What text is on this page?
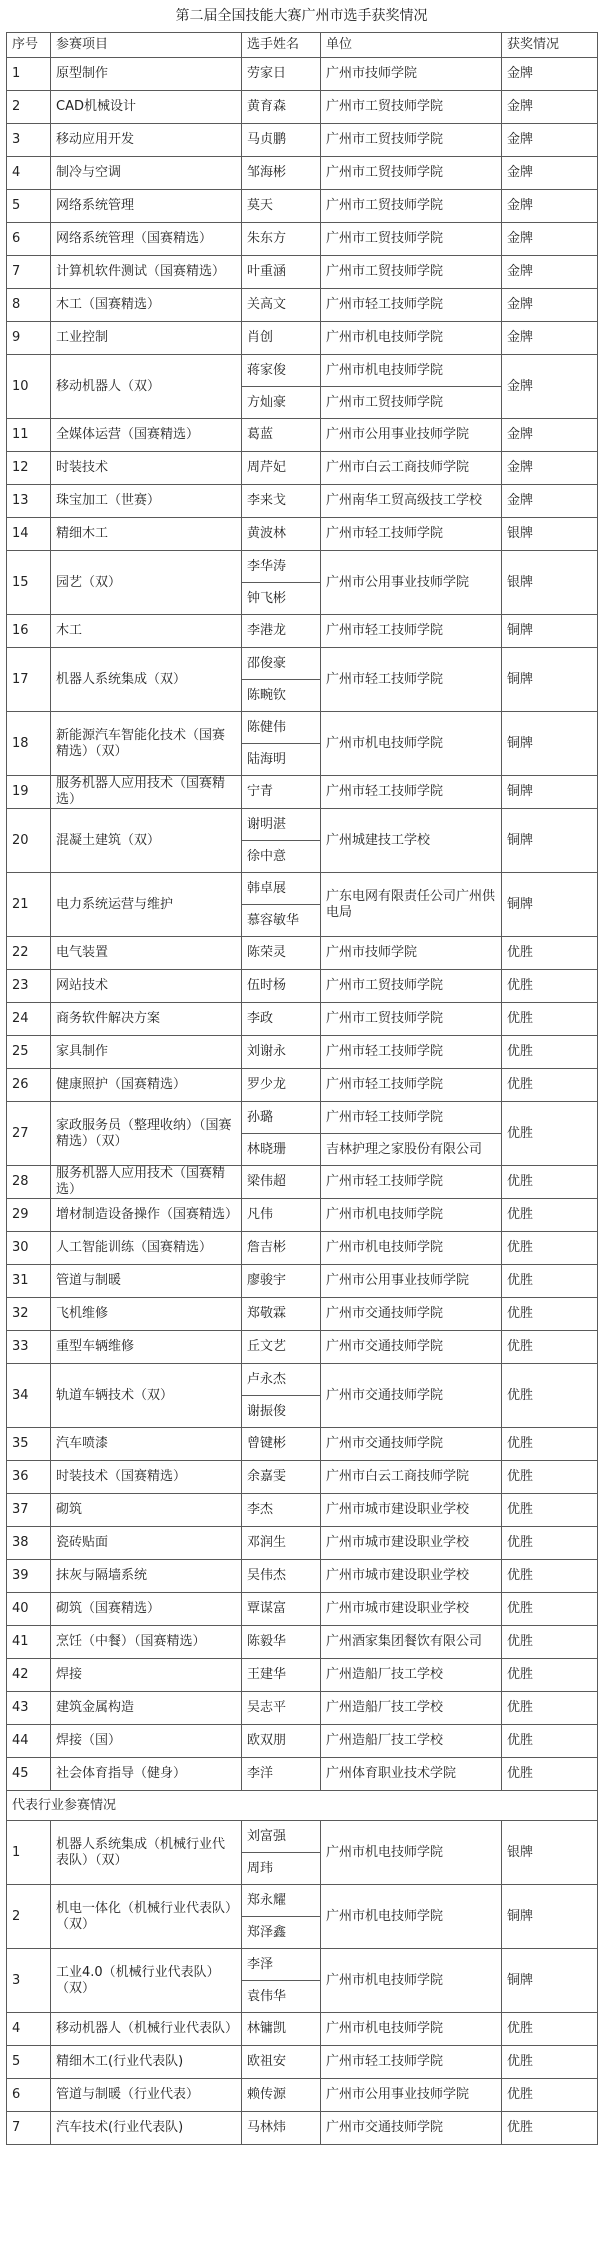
第二届全国技能大赛广州市选手获奖情况
序号	参赛项目	选手姓名	单位	获奖情况
1	原型制作	劳家日	广州市技师学院	金牌
2	CAD机械设计	黄育森	广州市工贸技师学院	金牌
3	移动应用开发	马贞鹏	广州市工贸技师学院	金牌
4	制冷与空调	邹海彬	广州市工贸技师学院	金牌
5	网络系统管理	莫天	广州市工贸技师学院	金牌
6	网络系统管理（国赛精选）	朱东方	广州市工贸技师学院	金牌
7	计算机软件测试（国赛精选）	叶重涵	广州市工贸技师学院	金牌
8	木工（国赛精选）	关高文	广州市轻工技师学院	金牌
9	工业控制	肖创	广州市机电技师学院	金牌
10	移动机器人（双）	蒋家俊	广州市机电技师学院	金牌
		方灿豪	广州市工贸技师学院	
11	全媒体运营（国赛精选）	葛蓝	广州市公用事业技师学院	金牌
12	时装技术	周芹妃	广州市白云工商技师学院	金牌
13	珠宝加工（世赛）	李来戈	广州南华工贸高级技工学校	金牌
14	精细木工	黄波林	广州市轻工技师学院	银牌
15	园艺（双）	李华涛	广州市公用事业技师学院	银牌
		钟飞彬		
16	木工	李港龙	广州市轻工技师学院	铜牌
17	机器人系统集成（双）	邵俊豪	广州市轻工技师学院	铜牌
		陈畹钦		
18	新能源汽车智能化技术（国赛精选）（双）	陈健伟	广州市机电技师学院	铜牌
		陆海明		
19	服务机器人应用技术（国赛精选）	宁青	广州市轻工技师学院	铜牌
20	混凝土建筑（双）	谢明湛	广州城建技工学校	铜牌
		徐中意		
21	电力系统运营与维护	韩卓展	广东电网有限责任公司广州供电局	铜牌
		慕容敏华		
22	电气装置	陈荣灵	广州市技师学院	优胜
23	网站技术	伍时杨	广州市工贸技师学院	优胜
24	商务软件解决方案	李政	广州市工贸技师学院	优胜
25	家具制作	刘谢永	广州市轻工技师学院	优胜
26	健康照护（国赛精选）	罗少龙	广州市轻工技师学院	优胜
27	家政服务员（整理收纳）（国赛精选）（双）	孙璐	广州市轻工技师学院	优胜
		林晓珊	吉林护理之家股份有限公司	
28	服务机器人应用技术（国赛精选）	梁伟超	广州市轻工技师学院	优胜
29	增材制造设备操作（国赛精选）	凡伟	广州市机电技师学院	优胜
30	人工智能训练（国赛精选）	詹吉彬	广州市机电技师学院	优胜
31	管道与制暖	廖骏宇	广州市公用事业技师学院	优胜
32	飞机维修	郑敬霖	广州市交通技师学院	优胜
33	重型车辆维修	丘文艺	广州市交通技师学院	优胜
34	轨道车辆技术（双）	卢永杰	广州市交通技师学院	优胜
		谢振俊		
35	汽车喷漆	曾键彬	广州市交通技师学院	优胜
36	时装技术（国赛精选）	余嘉雯	广州市白云工商技师学院	优胜
37	砌筑	李杰	广州市城市建设职业学校	优胜
38	瓷砖贴面	邓润生	广州市城市建设职业学校	优胜
39	抹灰与隔墙系统	吴伟杰	广州市城市建设职业学校	优胜
40	砌筑（国赛精选）	覃谋富	广州市城市建设职业学校	优胜
41	烹饪（中餐）（国赛精选）	陈毅华	广州酒家集团餐饮有限公司	优胜
42	焊接	王建华	广州造船厂技工学校	优胜
43	建筑金属构造	吴志平	广州造船厂技工学校	优胜
44	焊接（国）	欧双朋	广州造船厂技工学校	优胜
45	社会体育指导（健身）	李洋	广州体育职业技术学院	优胜
代表行业参赛情况				
1	机器人系统集成（机械行业代表队）（双）	刘富强	广州市机电技师学院	银牌
		周玮		
2	机电一体化（机械行业代表队）（双）	郑永耀	广州市机电技师学院	铜牌
		郑泽鑫		
3	工业4.0（机械行业代表队）（双）	李泽	广州市机电技师学院	铜牌
		袁伟华		
4	移动机器人（机械行业代表队）	林镛凯	广州市机电技师学院	优胜
5	精细木工(行业代表队)	欧祖安	广州市轻工技师学院	优胜
6	管道与制暖（行业代表）	赖传源	广州市公用事业技师学院	优胜
7	汽车技术(行业代表队)	马林炜	广州市交通技师学院	优胜
